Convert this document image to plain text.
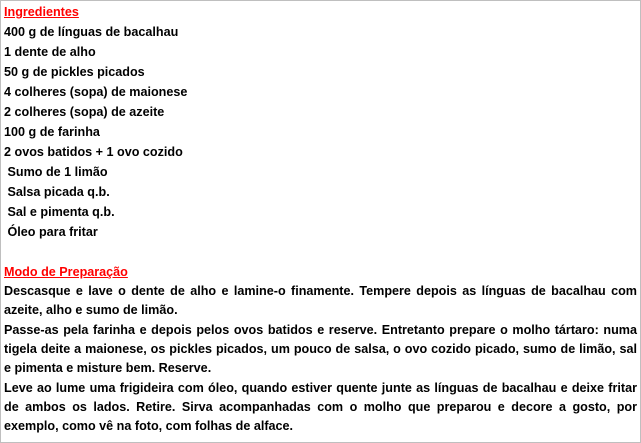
Ingredientes
400 g de línguas de bacalhau
1 dente de alho
50 g de pickles picados
4 colheres (sopa) de maionese
2 colheres (sopa) de azeite
100 g de farinha
2 ovos batidos + 1 ovo cozido
Sumo de 1 limão
Salsa picada q.b.
Sal e pimenta q.b.
Óleo para fritar
Modo de Preparação

Descasque e lave o dente de alho e lamine-o finamente. Tempere depois as línguas de bacalhau com azeite, alho e sumo de limão.

Passe-as pela farinha e depois pelos ovos batidos e reserve. Entretanto prepare o molho tártaro: numa tigela deite a maionese, os pickles picados, um pouco de salsa, o ovo cozido picado, sumo de limão, sal e pimenta e misture bem. Reserve.

Leve ao lume uma frigideira com óleo, quando estiver quente junte as línguas de bacalhau e deixe fritar de ambos os lados. Retire. Sirva acompanhadas com o molho que preparou e decore a gosto, por exemplo, como vê na foto, com folhas de alface.
